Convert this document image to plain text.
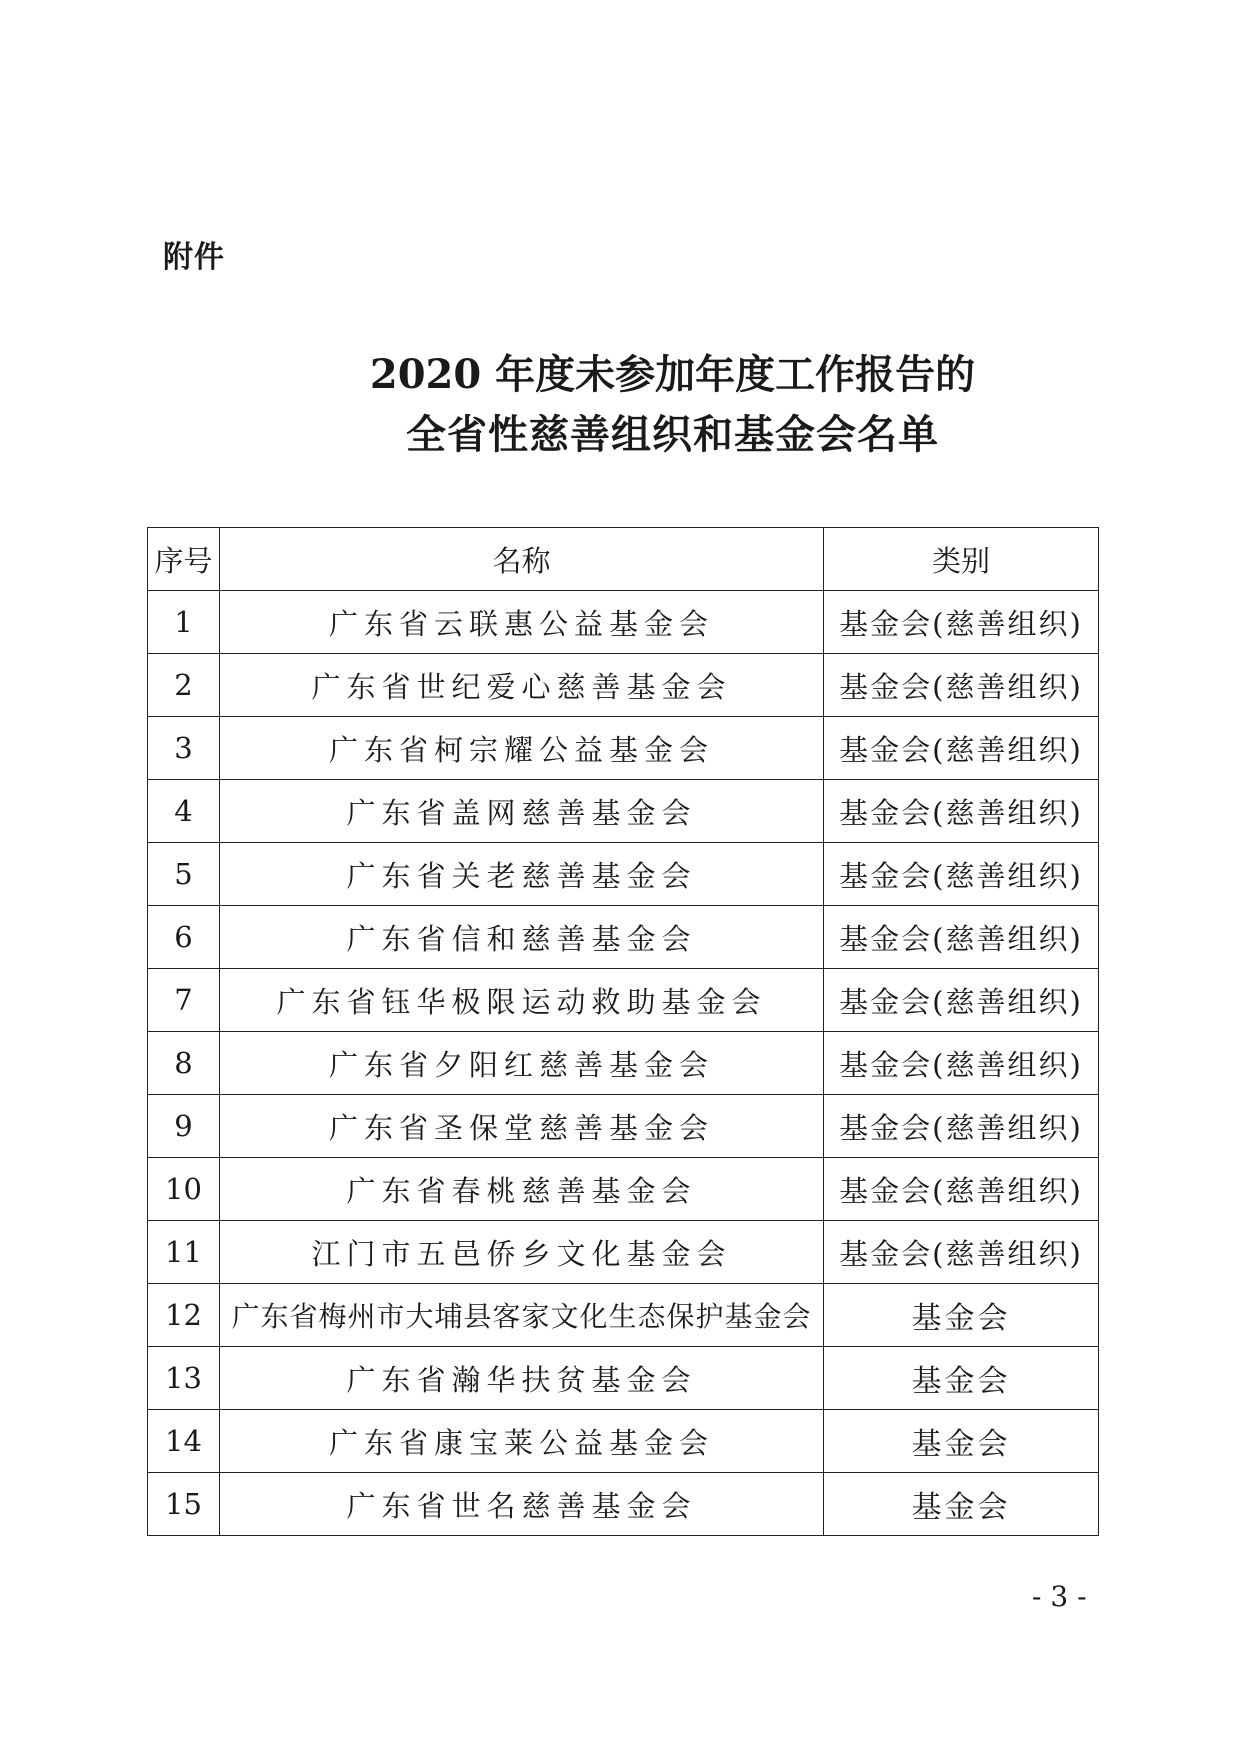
附件
2020 年度未参加年度工作报告的
全省性慈善组织和基金会名单
序号	名称	类别
1	广东省云联惠公益基金会	基金会(慈善组织)
2	广东省世纪爱心慈善基金会	基金会(慈善组织)
3	广东省柯宗耀公益基金会	基金会(慈善组织)
4	广东省盖网慈善基金会	基金会(慈善组织)
5	广东省关老慈善基金会	基金会(慈善组织)
6	广东省信和慈善基金会	基金会(慈善组织)
7	广东省钰华极限运动救助基金会	基金会(慈善组织)
8	广东省夕阳红慈善基金会	基金会(慈善组织)
9	广东省圣保堂慈善基金会	基金会(慈善组织)
10	广东省春桃慈善基金会	基金会(慈善组织)
11	江门市五邑侨乡文化基金会	基金会(慈善组织)
12	广东省梅州市大埔县客家文化生态保护基金会	基金会
13	广东省瀚华扶贫基金会	基金会
14	广东省康宝莱公益基金会	基金会
15	广东省世名慈善基金会	基金会
- 3 -
